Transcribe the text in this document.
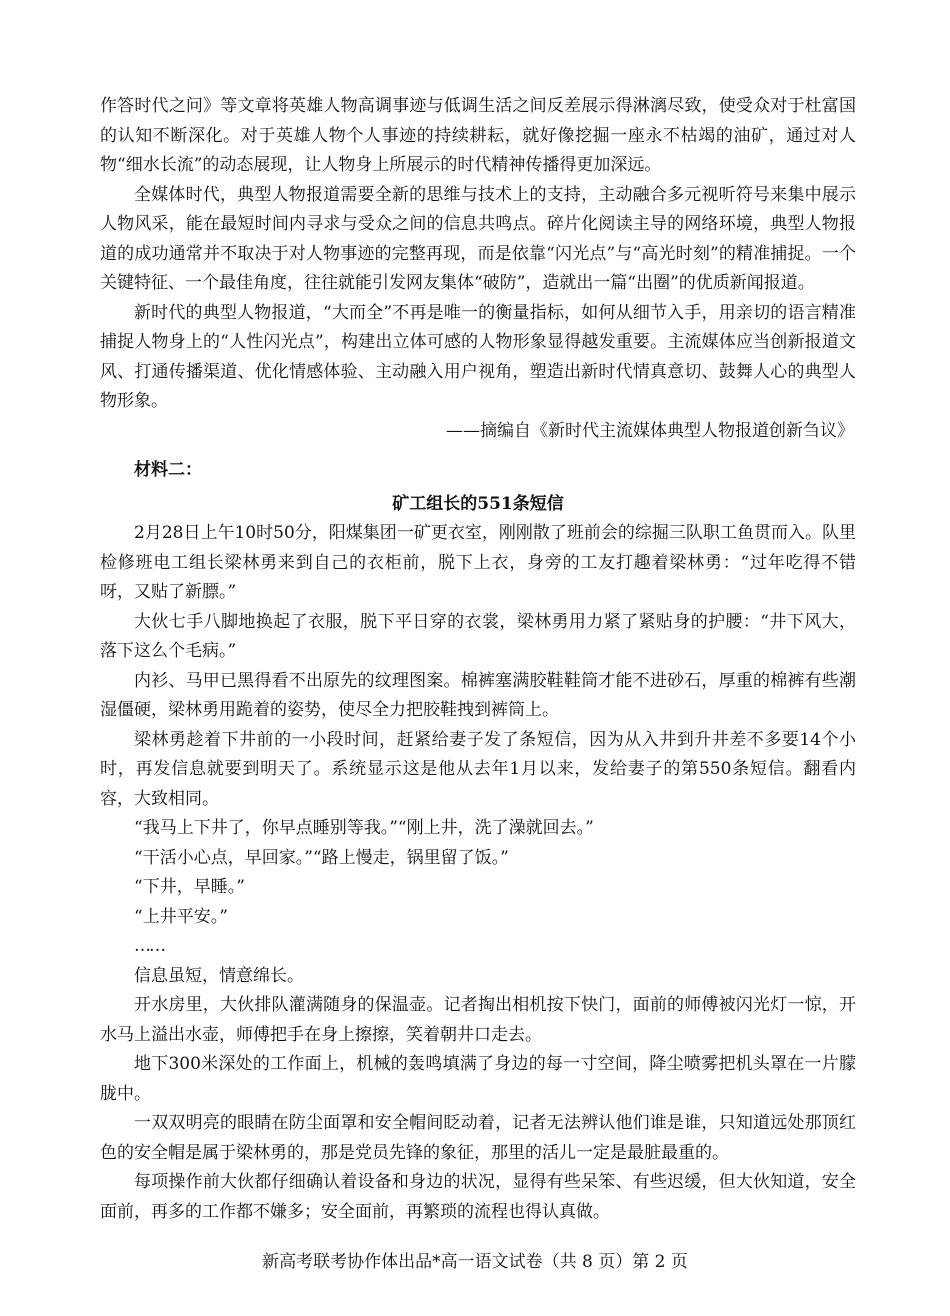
作答时代之问》等文章将英雄人物高调事迹与低调生活之间反差展示得淋漓尽致，使受众对于杜富国的认知不断深化。对于英雄人物个人事迹的持续耕耘，就好像挖掘一座永不枯竭的油矿，通过对人物“细水长流”的动态展现，让人物身上所展示的时代精神传播得更加深远。

全媒体时代，典型人物报道需要全新的思维与技术上的支持，主动融合多元视听符号来集中展示人物风采，能在最短时间内寻求与受众之间的信息共鸣点。碎片化阅读主导的网络环境，典型人物报道的成功通常并不取决于对人物事迹的完整再现，而是依靠“闪光点”与“高光时刻”的精准捕捉。一个关键特征、一个最佳角度，往往就能引发网友集体“破防”，造就出一篇“出圈”的优质新闻报道。

新时代的典型人物报道，“大而全”不再是唯一的衡量指标，如何从细节入手，用亲切的语言精准捕捉人物身上的“人性闪光点”，构建出立体可感的人物形象显得越发重要。主流媒体应当创新报道文风、打通传播渠道、优化情感体验、主动融入用户视角，塑造出新时代情真意切、鼓舞人心的典型人物形象。

——摘编自《新时代主流媒体典型人物报道创新刍议》

材料二：

矿工组长的551条短信

2月28日上午10时50分，阳煤集团一矿更衣室，刚刚散了班前会的综掘三队职工鱼贯而入。队里检修班电工组长梁林勇来到自己的衣柜前，脱下上衣，身旁的工友打趣着梁林勇：“过年吃得不错呀，又贴了新膘。”

大伙七手八脚地换起了衣服，脱下平日穿的衣裳，梁林勇用力紧了紧贴身的护腰：“井下风大，落下这么个毛病。”

内衫、马甲已黑得看不出原先的纹理图案。棉裤塞满胶鞋鞋筒才能不进砂石，厚重的棉裤有些潮湿僵硬，梁林勇用跪着的姿势，使尽全力把胶鞋拽到裤筒上。

梁林勇趁着下井前的一小段时间，赶紧给妻子发了条短信，因为从入井到升井差不多要14个小时，再发信息就要到明天了。系统显示这是他从去年1月以来，发给妻子的第550条短信。翻看内容，大致相同。

“我马上下井了，你早点睡别等我。”“刚上井，洗了澡就回去。”

“干活小心点，早回家。”“路上慢走，锅里留了饭。”

“下井，早睡。”

“上井平安。”

……

信息虽短，情意绵长。

开水房里，大伙排队灌满随身的保温壶。记者掏出相机按下快门，面前的师傅被闪光灯一惊，开水马上溢出水壶，师傅把手在身上擦擦，笑着朝井口走去。

地下300米深处的工作面上，机械的轰鸣填满了身边的每一寸空间，降尘喷雾把机头罩在一片朦胧中。

一双双明亮的眼睛在防尘面罩和安全帽间眨动着，记者无法辨认他们谁是谁，只知道远处那顶红色的安全帽是属于梁林勇的，那是党员先锋的象征，那里的活儿一定是最脏最重的。

每项操作前大伙都仔细确认着设备和身边的状况，显得有些呆笨、有些迟缓，但大伙知道，安全面前，再多的工作都不嫌多；安全面前，再繁琐的流程也得认真做。

新高考联考协作体出品*高一语文试卷（共 8 页）第 2 页
